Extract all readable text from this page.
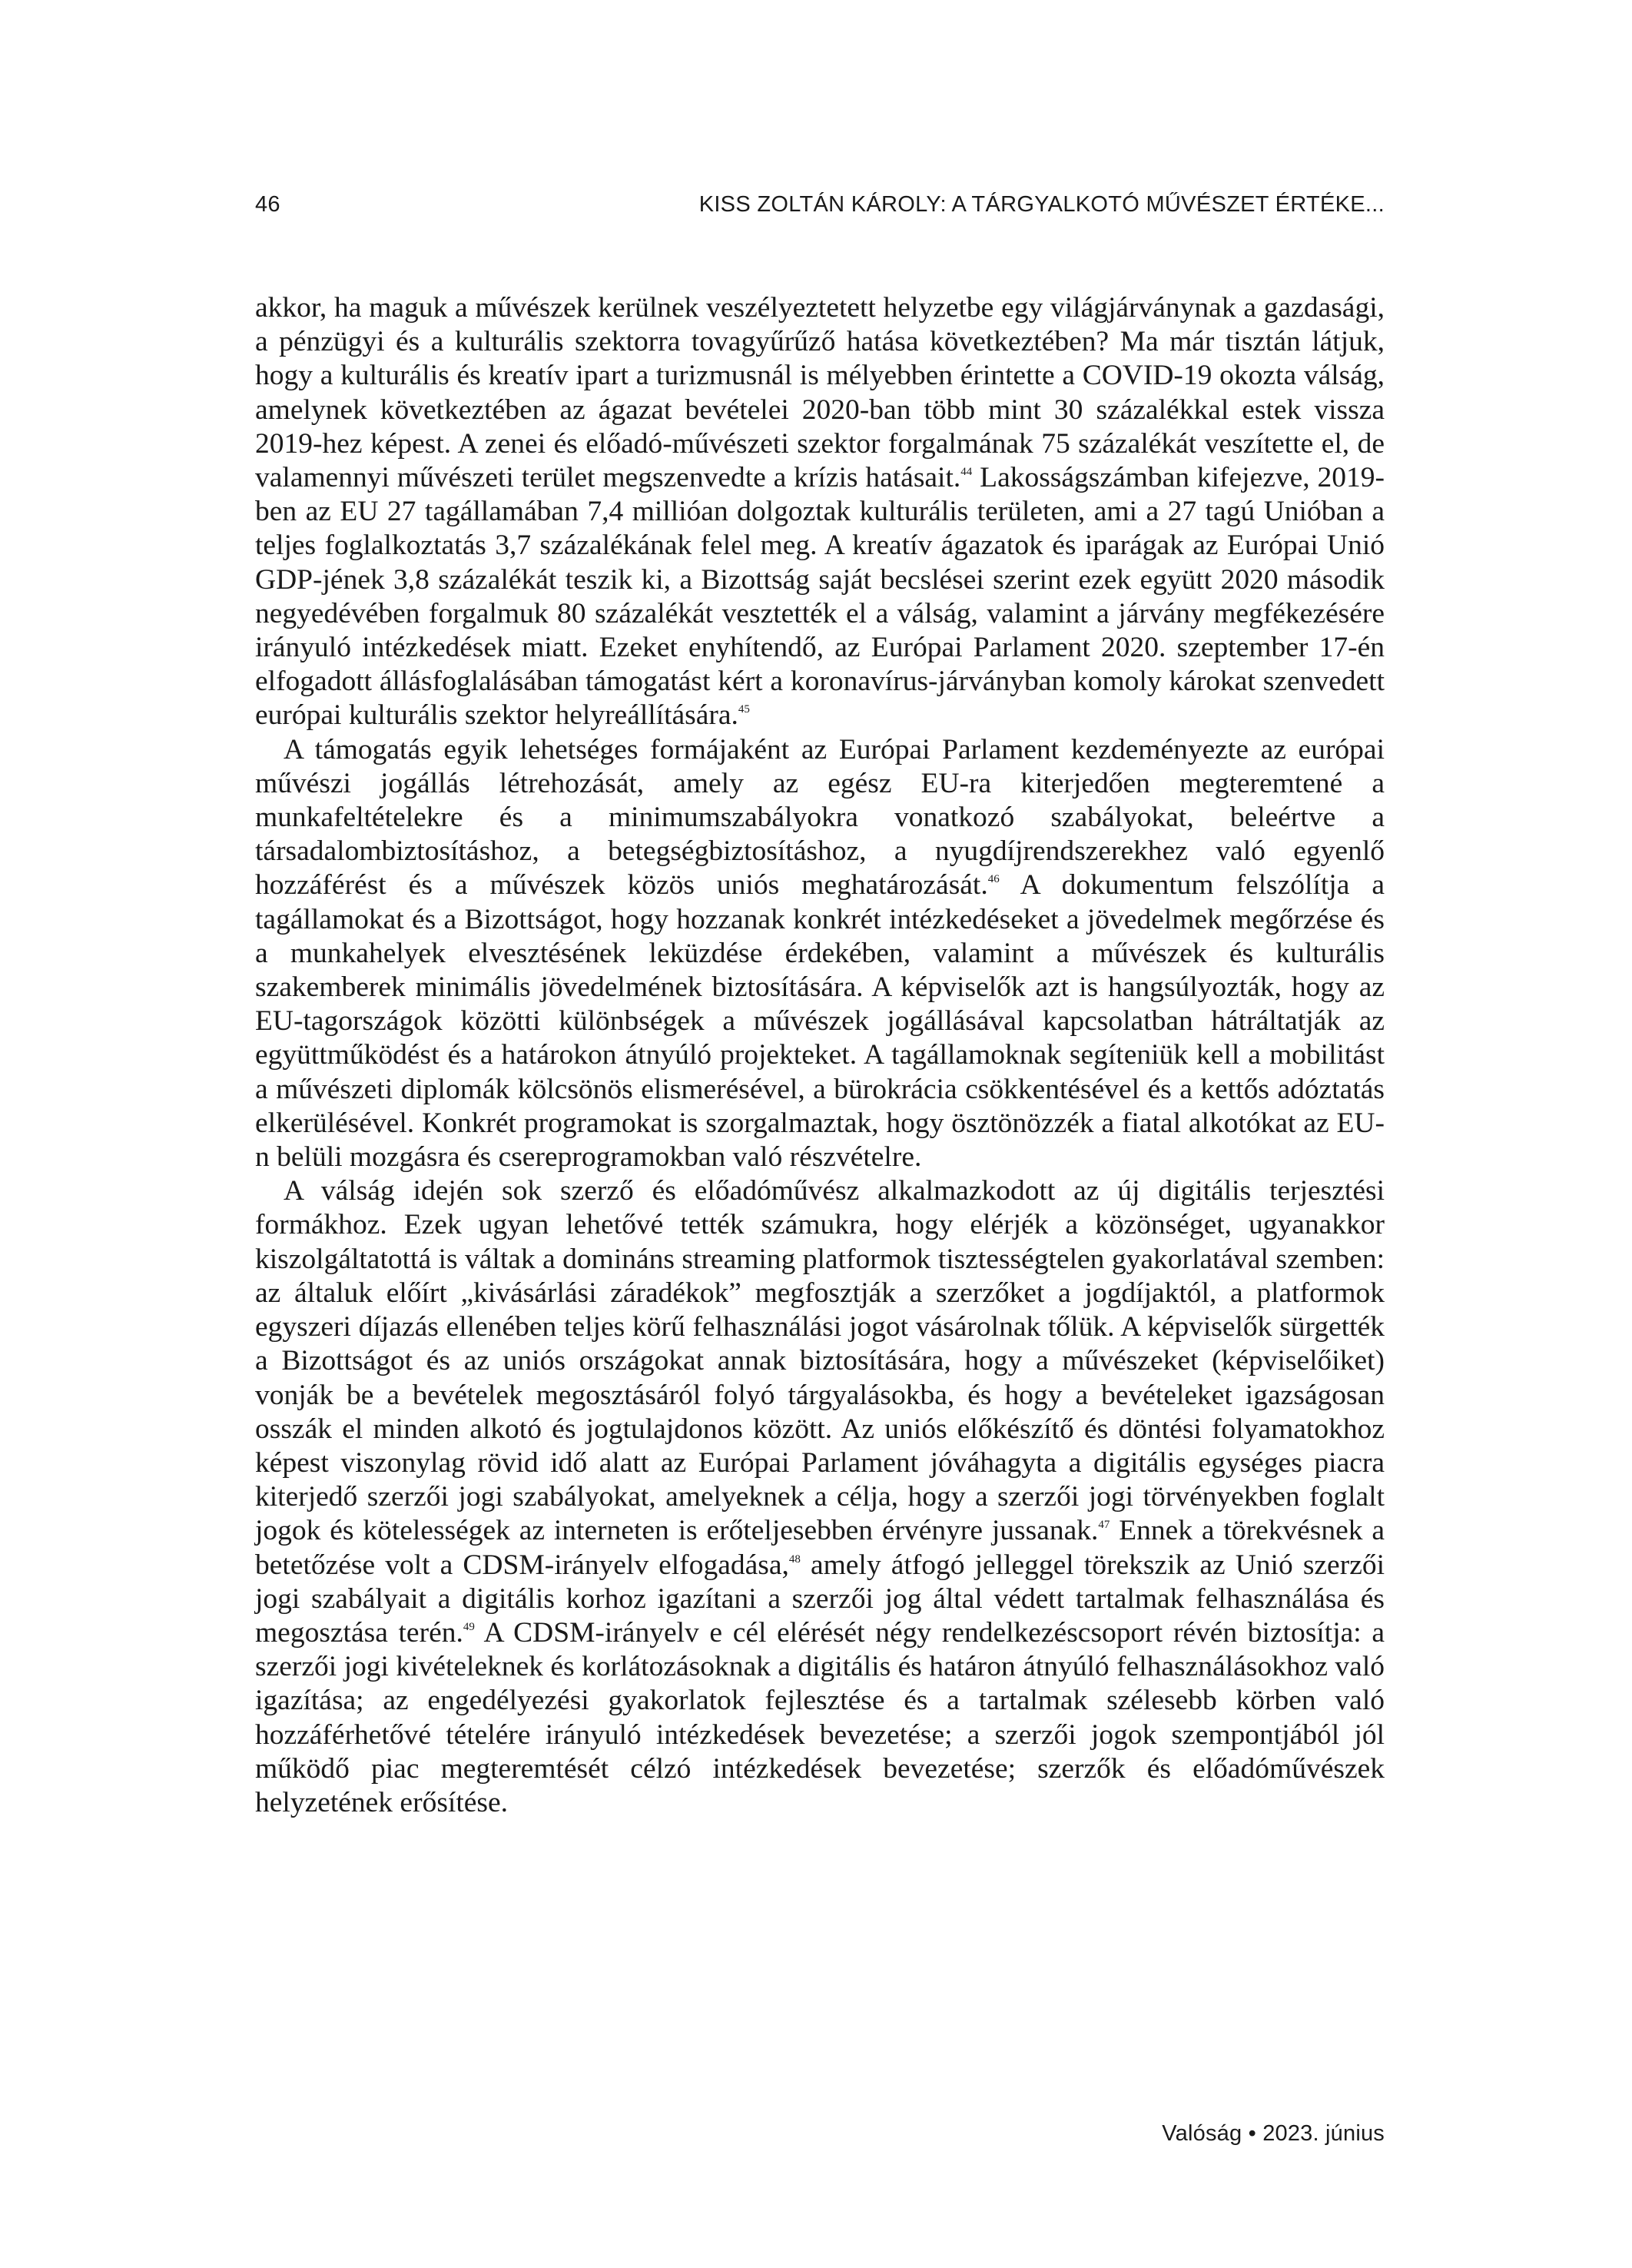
46	KISS ZOLTÁN KÁROLY: A TÁRGYALKOTÓ MŰVÉSZET ÉRTÉKE...

akkor, ha maguk a művészek kerülnek veszélyeztetett helyzetbe egy világjárványnak a gazdasági, a pénzügyi és a kulturális szektorra tovagyűrűző hatása következtében? Ma már tisztán látjuk, hogy a kulturális és kreatív ipart a turizmusnál is mélyebben érintette a COVID-19 okozta válság, amelynek következtében az ágazat bevételei 2020-ban több mint 30 százalékkal estek vissza 2019-hez képest. A zenei és előadó-művészeti szektor forgalmának 75 százalékát veszítette el, de valamennyi művészeti terület megszenvedte a krízis hatásait.$^{44}$ Lakosságszámban kifejezve, 2019-ben az EU 27 tagállamában 7,4 millióan dolgoztak kulturális területen, ami a 27 tagú Unióban a teljes foglalkoztatás 3,7 százalékának felel meg. A kreatív ágazatok és iparágak az Európai Unió GDP-jének 3,8 százalékát teszik ki, a Bizottság saját becslései szerint ezek együtt 2020 második negyedévében forgalmuk 80 százalékát vesztették el a válság, valamint a járvány megfékezésére irányuló intézkedések miatt. Ezeket enyhítendő, az Európai Parlament 2020. szeptember 17-én elfogadott állásfoglalásában támogatást kért a koronavírus-járványban komoly károkat szenvedett európai kulturális szektor helyreállítására.$^{45}$

A támogatás egyik lehetséges formájaként az Európai Parlament kezdeményezte az európai művészi jogállás létrehozását, amely az egész EU-ra kiterjedően megteremtené a munkafeltételekre és a minimumszabályokra vonatkozó szabályokat, beleértve a társadalombiztosításhoz, a betegségbiztosításhoz, a nyugdíjrendszerekhez való egyenlő hozzáférést és a művészek közös uniós meghatározását.$^{46}$ A dokumentum felszólítja a tagállamokat és a Bizottságot, hogy hozzanak konkrét intézkedéseket a jövedelmek megőrzése és a munkahelyek elvesztésének leküzdése érdekében, valamint a művészek és kulturális szakemberek minimális jövedelmének biztosítására. A képviselők azt is hangsúlyozták, hogy az EU-tagországok közötti különbségek a művészek jogállásával kapcsolatban hátráltatják az együttműködést és a határokon átnyúló projekteket. A tagállamoknak segíteniük kell a mobilitást a művészeti diplomák kölcsönös elismerésével, a bürokrácia csökkentésével és a kettős adóztatás elkerülésével. Konkrét programokat is szorgalmaztak, hogy ösztönözzék a fiatal alkotókat az EU-n belüli mozgásra és csereprogramokban való részvételre.

A válság idején sok szerző és előadóművész alkalmazkodott az új digitális terjesztési formákhoz. Ezek ugyan lehetővé tették számukra, hogy elérjék a közönséget, ugyanakkor kiszolgáltatottá is váltak a domináns streaming platformok tisztességtelen gyakorlatával szemben: az általuk előírt „kivásárlási záradékok” megfosztják a szerzőket a jogdíjaktól, a platformok egyszeri díjazás ellenében teljes körű felhasználási jogot vásárolnak tőlük. A képviselők sürgették a Bizottságot és az uniós országokat annak biztosítására, hogy a művészeket (képviselőiket) vonják be a bevételek megosztásáról folyó tárgyalásokba, és hogy a bevételeket igazságosan osszák el minden alkotó és jogtulajdonos között. Az uniós előkészítő és döntési folyamatokhoz képest viszonylag rövid idő alatt az Európai Parlament jóváhagyta a digitális egységes piacra kiterjedő szerzői jogi szabályokat, amelyeknek a célja, hogy a szerzői jogi törvényekben foglalt jogok és kötelességek az interneten is erőteljesebben érvényre jussanak.$^{47}$ Ennek a törekvésnek a betetőzése volt a CDSM-irányelv elfogadása,$^{48}$ amely átfogó jelleggel törekszik az Unió szerzői jogi szabályait a digitális korhoz igazítani a szerzői jog által védett tartalmak felhasználása és megosztása terén.$^{49}$ A CDSM-irányelv e cél elérését négy rendelkezéscsoport révén biztosítja: a szerzői jogi kivételeknek és korlátozásoknak a digitális és határon átnyúló felhasználásokhoz való igazítása; az engedélyezési gyakorlatok fejlesztése és a tartalmak szélesebb körben való hozzáférhetővé tételére irányuló intézkedések bevezetése; a szerzői jogok szempontjából jól működő piac megteremtését célzó intézkedések bevezetése; szerzők és előadóművészek helyzetének erősítése.

Valóság • 2023. június
